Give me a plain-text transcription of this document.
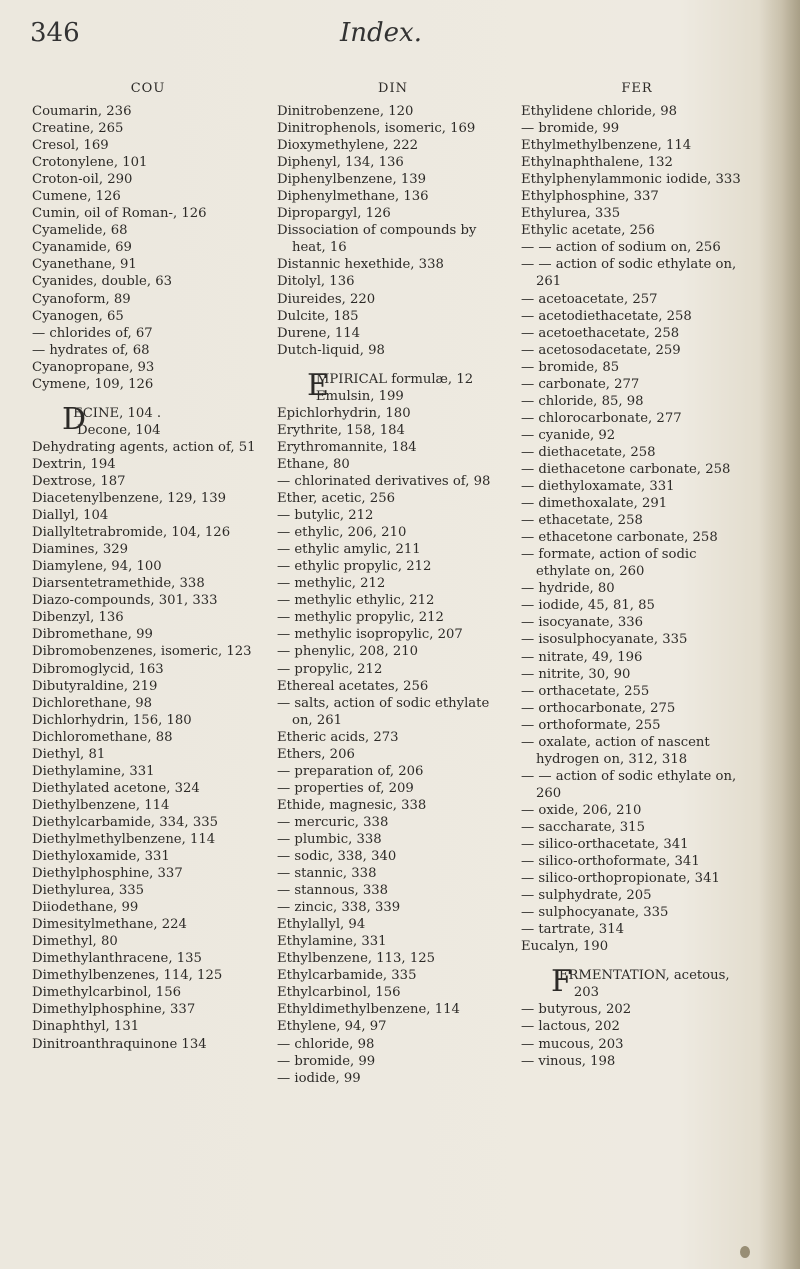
346	Index.
COU
Coumarin, 236
Creatine, 265
Cresol, 169
Crotonylene, 101
Croton-oil, 290
Cumene, 126
Cumin, oil of Roman-, 126
Cyamelide, 68
Cyanamide, 69
Cyanethane, 91
Cyanides, double, 63
Cyanoform, 89
Cyanogen, 65
— chlorides of, 67
— hydrates of, 68
Cyanopropane, 93
Cymene, 109, 126
D
ECINE, 104 .
Decone, 104
Dehydrating agents, action of, 51
Dextrin, 194
Dextrose, 187
Diacetenylbenzene, 129, 139
Diallyl, 104
Diallyltetrabromide, 104, 126
Diamines, 329
Diamylene, 94, 100
Diarsentetramethide, 338
Diazo-compounds, 301, 333
Dibenzyl, 136
Dibromethane, 99
Dibromobenzenes, isomeric, 123
Dibromoglycid, 163
Dibutyraldine, 219
Dichlorethane, 98
Dichlorhydrin, 156, 180
Dichloromethane, 88
Diethyl, 81
Diethylamine, 331
Diethylated acetone, 324
Diethylbenzene, 114
Diethylcarbamide, 334, 335
Diethylmethylbenzene, 114
Diethyloxamide, 331
Diethylphosphine, 337
Diethylurea, 335
Diiodethane, 99
Dimesitylmethane, 224
Dimethyl, 80
Dimethylanthracene, 135
Dimethylbenzenes, 114, 125
Dimethylcarbinol, 156
Dimethylphosphine, 337
Dinaphthyl, 131
Dinitroanthraquinone 134
DIN
Dinitrobenzene, 120
Dinitrophenols, isomeric, 169
Dioxymethylene, 222
Diphenyl, 134, 136
Diphenylbenzene, 139
Diphenylmethane, 136
Dipropargyl, 126
Dissociation of compounds by heat, 16
Distannic hexethide, 338
Ditolyl, 136
Diureides, 220
Dulcite, 185
Durene, 114
Dutch-liquid, 98
E
MPIRICAL formulæ, 12
Emulsin, 199
Epichlorhydrin, 180
Erythrite, 158, 184
Erythromannite, 184
Ethane, 80
— chlorinated derivatives of, 98
Ether, acetic, 256
— butylic, 212
— ethylic, 206, 210
— ethylic amylic, 211
— ethylic propylic, 212
— methylic, 212
— methylic ethylic, 212
— methylic propylic, 212
— methylic isopropylic, 207
— phenylic, 208, 210
— propylic, 212
Ethereal acetates, 256
— salts, action of sodic ethylate on, 261
Etheric acids, 273
Ethers, 206
— preparation of, 206
— properties of, 209
Ethide, magnesic, 338
— mercuric, 338
— plumbic, 338
— sodic, 338, 340
— stannic, 338
— stannous, 338
— zincic, 338, 339
Ethylallyl, 94
Ethylamine, 331
Ethylbenzene, 113, 125
Ethylcarbamide, 335
Ethylcarbinol, 156
Ethyldimethylbenzene, 114
Ethylene, 94, 97
— chloride, 98
— bromide, 99
— iodide, 99
FER
Ethylidene chloride, 98
— bromide, 99
Ethylmethylbenzene, 114
Ethylnaphthalene, 132
Ethylphenylammonic iodide, 333
Ethylphosphine, 337
Ethylurea, 335
Ethylic acetate, 256
— — action of sodium on, 256
— — action of sodic ethylate on, 261
— acetoacetate, 257
— acetodiethacetate, 258
— acetoethacetate, 258
— acetosodacetate, 259
— bromide, 85
— carbonate, 277
— chloride, 85, 98
— chlorocarbonate, 277
— cyanide, 92
— diethacetate, 258
— diethacetone carbonate, 258
— diethyloxamate, 331
— dimethoxalate, 291
— ethacetate, 258
— ethacetone carbonate, 258
— formate, action of sodic ethylate on, 260
— hydride, 80
— iodide, 45, 81, 85
— isocyanate, 336
— isosulphocyanate, 335
— nitrate, 49, 196
— nitrite, 30, 90
— orthacetate, 255
— orthocarbonate, 275
— orthoformate, 255
— oxalate, action of nascent hydrogen on, 312, 318
— — action of sodic ethylate on, 260
— oxide, 206, 210
— saccharate, 315
— silico-orthacetate, 341
— silico-orthoformate, 341
— silico-orthopropionate, 341
— sulphydrate, 205
— sulphocyanate, 335
— tartrate, 314
Eucalyn, 190
F
ERMENTATION, acetous, 203
— butyrous, 202
— lactous, 202
— mucous, 203
— vinous, 198
